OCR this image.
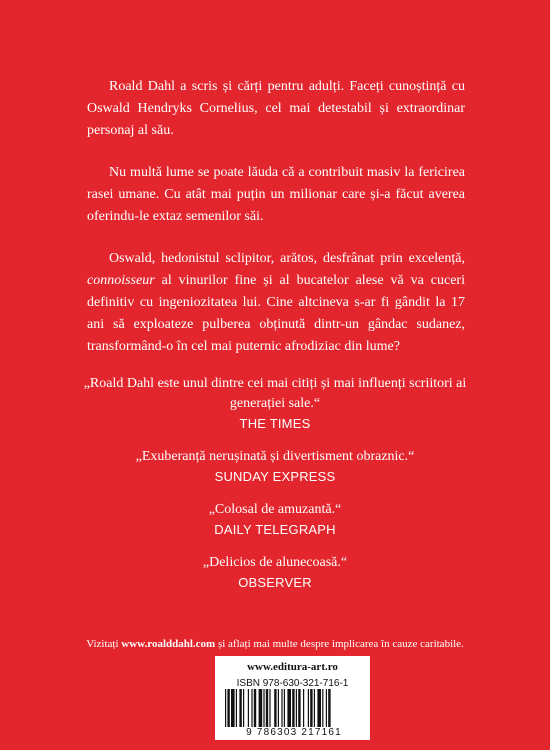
Roald Dahl a scris și cărți pentru adulți. Faceți cunoștință cu Oswald Hendryks Cornelius, cel mai detestabil și extraordinar personaj al său.

Nu multă lume se poate lăuda că a contribuit masiv la fericirea rasei umane. Cu atât mai puțin un milionar care și-a făcut averea oferindu-le extaz semenilor săi.

Oswald, hedonistul sclipitor, arătos, desfrânat prin excelență, connoisseur al vinurilor fine și al bucatelor alese vă va cuceri definitiv cu ingeniozitatea lui. Cine altcineva s-ar fi gândit la 17 ani să exploateze pulberea obținută dintr-un gândac sudanez, transformând-o în cel mai puternic afrodiziac din lume?

„Roald Dahl este unul dintre cei mai citiți și mai influenți scriitori ai generației sale.“
THE TIMES
„Exuberanță nerușinată și divertisment obraznic.“
SUNDAY EXPRESS
„Colosal de amuzantă.“
DAILY TELEGRAPH
„Delicios de alunecoasă.“
OBSERVER
Vizitați www.roalddahl.com și aflați mai multe despre implicarea în cauze caritabile.
www.editura-art.ro
ISBN 978-630-321-716-1
9 786303 217161
